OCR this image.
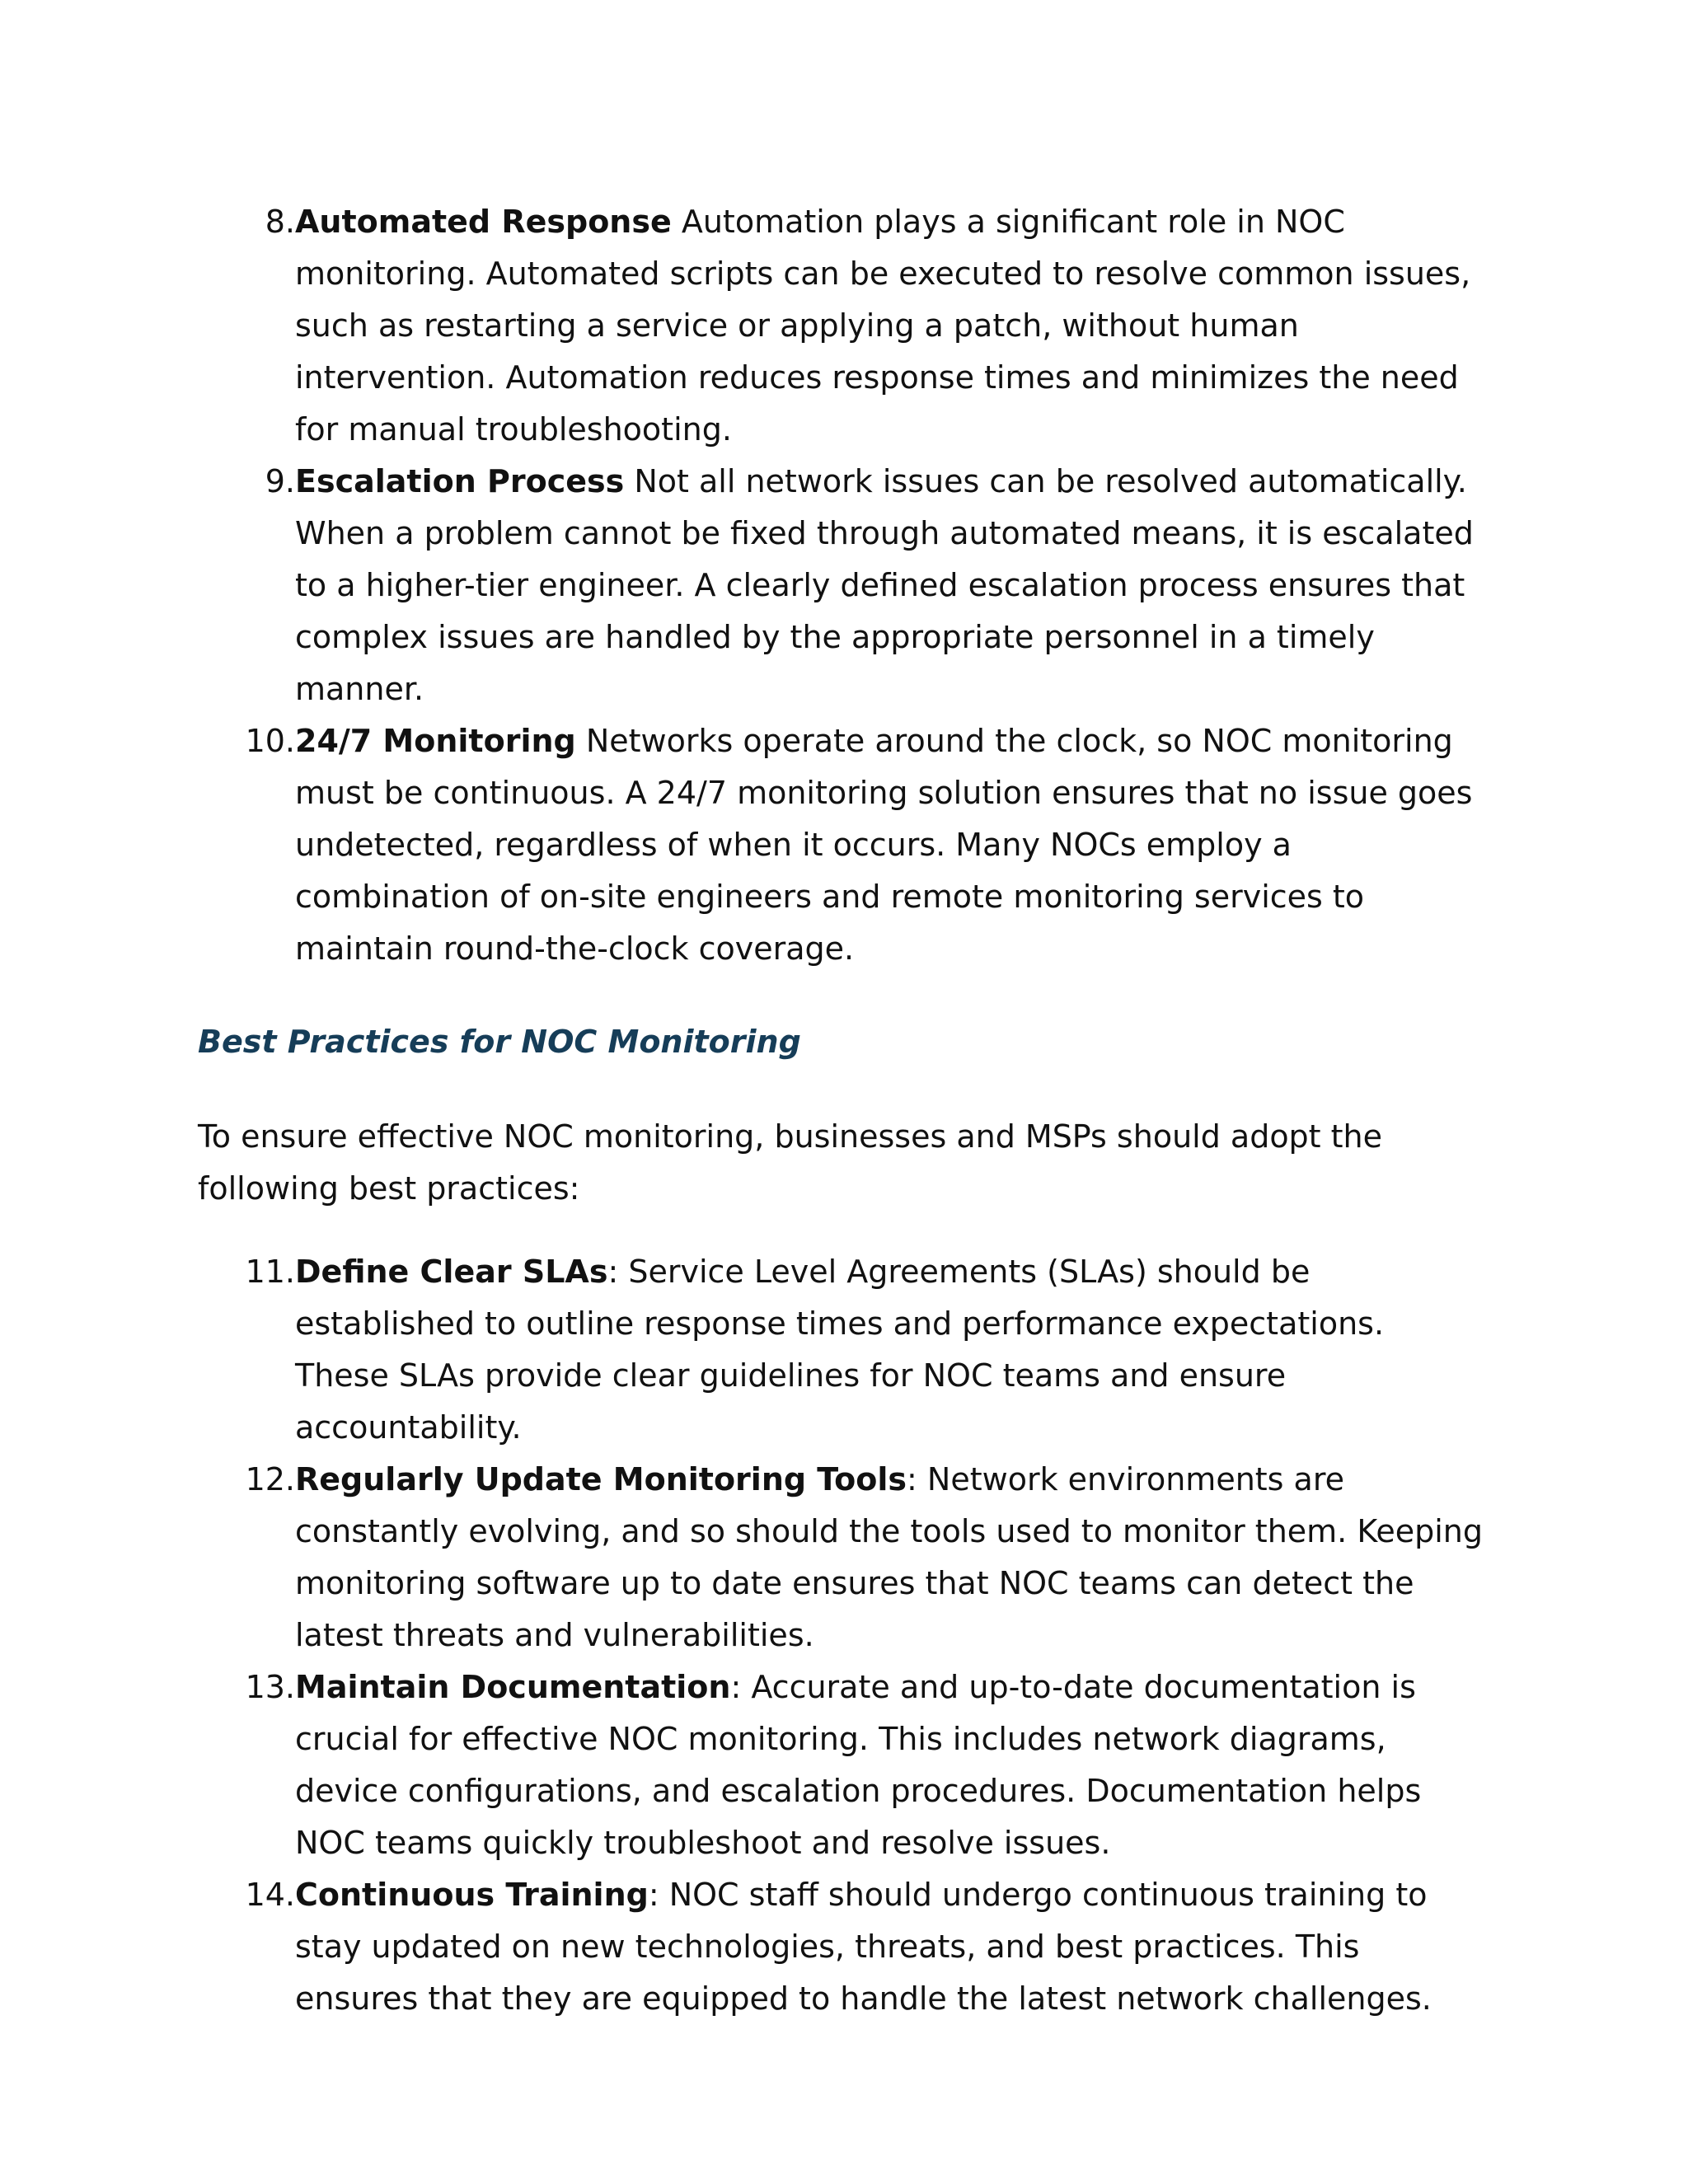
8. Automated Response Automation plays a significant role in NOC monitoring. Automated scripts can be executed to resolve common issues, such as restarting a service or applying a patch, without human intervention. Automation reduces response times and minimizes the need for manual troubleshooting.
9. Escalation Process Not all network issues can be resolved automatically. When a problem cannot be fixed through automated means, it is escalated to a higher-tier engineer. A clearly defined escalation process ensures that complex issues are handled by the appropriate personnel in a timely manner.
10. 24/7 Monitoring Networks operate around the clock, so NOC monitoring must be continuous. A 24/7 monitoring solution ensures that no issue goes undetected, regardless of when it occurs. Many NOCs employ a combination of on-site engineers and remote monitoring services to maintain round-the-clock coverage.
Best Practices for NOC Monitoring

To ensure effective NOC monitoring, businesses and MSPs should adopt the following best practices:

11. Define Clear SLAs: Service Level Agreements (SLAs) should be established to outline response times and performance expectations. These SLAs provide clear guidelines for NOC teams and ensure accountability.
12. Regularly Update Monitoring Tools: Network environments are constantly evolving, and so should the tools used to monitor them. Keeping monitoring software up to date ensures that NOC teams can detect the latest threats and vulnerabilities.
13. Maintain Documentation: Accurate and up-to-date documentation is crucial for effective NOC monitoring. This includes network diagrams, device configurations, and escalation procedures. Documentation helps NOC teams quickly troubleshoot and resolve issues.
14. Continuous Training: NOC staff should undergo continuous training to stay updated on new technologies, threats, and best practices. This ensures that they are equipped to handle the latest network challenges.
